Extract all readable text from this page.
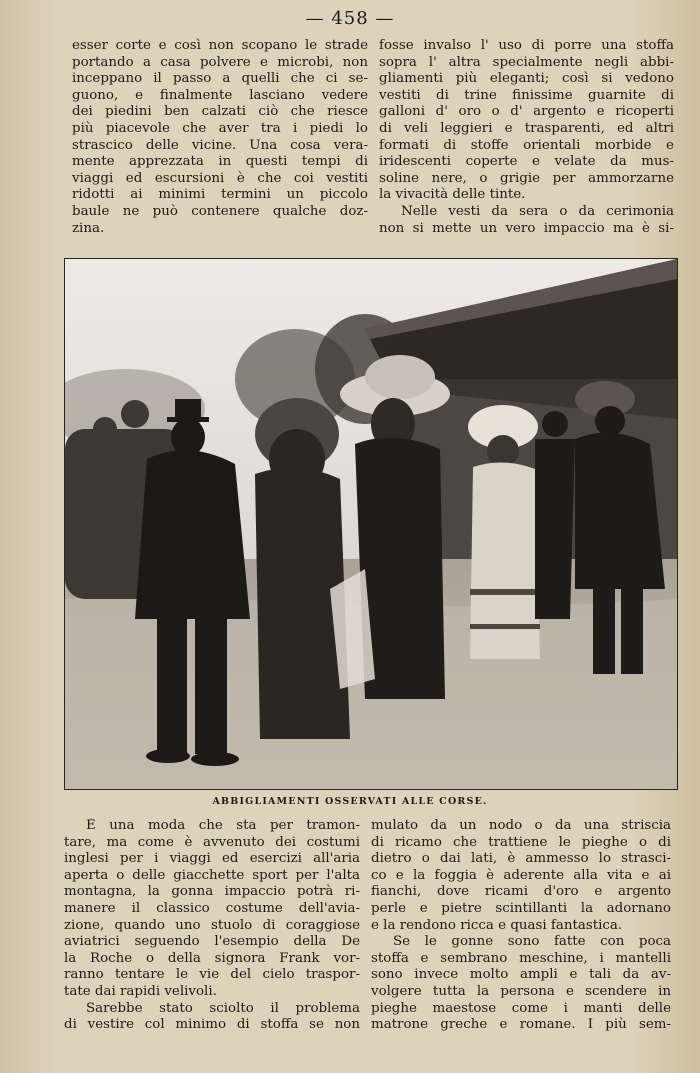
— 458 —
esser corte e così non scopano le strade
portando a casa polvere e microbi, non
inceppano il passo a quelli che ci se-
guono, e finalmente lasciano vedere
dei piedini ben calzati ciò che riesce
più piacevole che aver tra i piedi lo
strascico delle vicine. Una cosa vera-
mente apprezzata in questi tempi di
viaggi ed escursioni è che coi vestiti
ridotti ai minimi termini un piccolo
baule ne può contenere qualche doz-
zina.
fosse invalso l' uso di porre una stoffa
sopra l' altra specialmente negli abbi-
gliamenti più eleganti; così si vedono
vestiti di trine finissime guarnite di
galloni d' oro o d' argento e ricoperti
di veli leggieri e trasparenti, ed altri
formati di stoffe orientali morbide e
iridescenti coperte e velate da mus-
soline nere, o grigie per ammorzarne
la vivacità delle tinte.
Nelle vesti da sera o da cerimonia
non si mette un vero impaccio ma è si-
ABBIGLIAMENTI OSSERVATI ALLE CORSE.
È una moda che sta per tramon-
tare, ma come è avvenuto dei costumi
inglesi per i viaggi ed esercizi all'aria
aperta o delle giacchette sport per l'alta
montagna, la gonna impaccio potrà ri-
manere il classico costume dell'avia-
zione, quando uno stuolo di coraggiose
aviatrici seguendo l'esempio della De
la Roche o della signora Frank vor-
ranno tentare le vie del cielo traspor-
tate dai rapidi velivoli.
Sarebbe stato sciolto il problema
di vestire col minimo di stoffa se non
mulato da un nodo o da una striscia
di ricamo che trattiene le pieghe o di
dietro o dai lati, è ammesso lo strasci-
co e la foggia è aderente alla vita e ai
fianchi, dove ricami d'oro e argento
perle e pietre scintillanti la adornano
e la rendono ricca e quasi fantastica.
Se le gonne sono fatte con poca
stoffa e sembrano meschine, i mantelli
sono invece molto ampli e tali da av-
volgere tutta la persona e scendere in
pieghe maestose come i manti delle
matrone greche e romane. I più sem-
